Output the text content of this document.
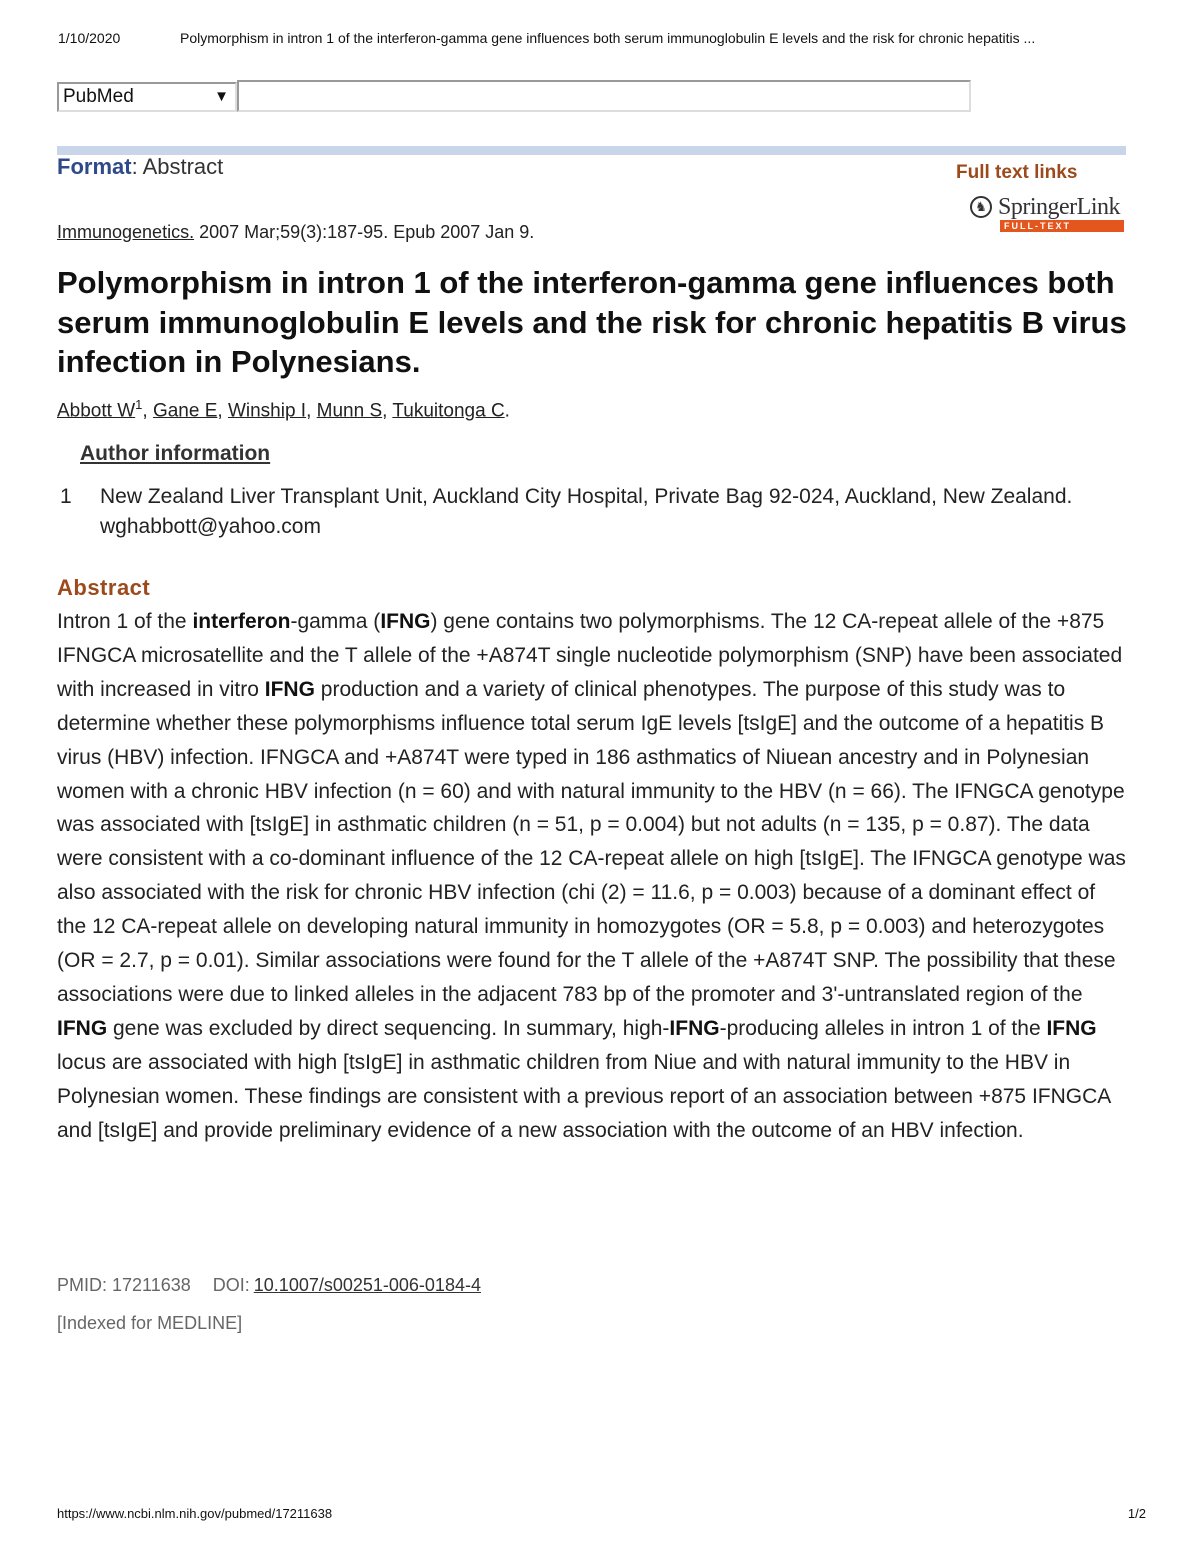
1/10/2020	Polymorphism in intron 1 of the interferon-gamma gene influences both serum immunoglobulin E levels and the risk for chronic hepatitis ...
PubMed	▼
Format: Abstract	Full text links
♞ SpringerLink
FULL-TEXT ARTICLE
Immunogenetics. 2007 Mar;59(3):187-95. Epub 2007 Jan 9.
Polymorphism in intron 1 of the interferon-gamma gene influences both serum immunoglobulin E levels and the risk for chronic hepatitis B virus infection in Polynesians.
Abbott $W^1$, Gane E, Winship I, Munn S, Tukuitonga C.
Author information
1 New Zealand Liver Transplant Unit, Auckland City Hospital, Private Bag 92-024, Auckland, New Zealand. wghabbott@yahoo.com
Abstract

Intron 1 of the interferon-gamma (IFNG) gene contains two polymorphisms. The 12 CA-repeat allele of the +875 IFNGCA microsatellite and the T allele of the +A874T single nucleotide polymorphism (SNP) have been associated with increased in vitro IFNG production and a variety of clinical phenotypes. The purpose of this study was to determine whether these polymorphisms influence total serum IgE levels [tsIgE] and the outcome of a hepatitis B virus (HBV) infection. IFNGCA and +A874T were typed in 186 asthmatics of Niuean ancestry and in Polynesian women with a chronic HBV infection (n = 60) and with natural immunity to the HBV (n = 66). The IFNGCA genotype was associated with [tsIgE] in asthmatic children (n = 51, p = 0.004) but not adults (n = 135, p = 0.87). The data were consistent with a co-dominant influence of the 12 CA-repeat allele on high [tsIgE]. The IFNGCA genotype was also associated with the risk for chronic HBV infection (chi (2) = 11.6, p = 0.003) because of a dominant effect of the 12 CA-repeat allele on developing natural immunity in homozygotes (OR = 5.8, p = 0.003) and heterozygotes (OR = 2.7, p = 0.01). Similar associations were found for the T allele of the +A874T SNP. The possibility that these associations were due to linked alleles in the adjacent 783 bp of the promoter and 3'-untranslated region of the IFNG gene was excluded by direct sequencing. In summary, high-IFNG-producing alleles in intron 1 of the IFNG locus are associated with high [tsIgE] in asthmatic children from Niue and with natural immunity to the HBV in Polynesian women. These findings are consistent with a previous report of an association between +875 IFNGCA and [tsIgE] and provide preliminary evidence of a new association with the outcome of an HBV infection.

PMID: 17211638 DOI: 10.1007/s00251-006-0184-4
[Indexed for MEDLINE]
https://www.ncbi.nlm.nih.gov/pubmed/17211638	1/2
